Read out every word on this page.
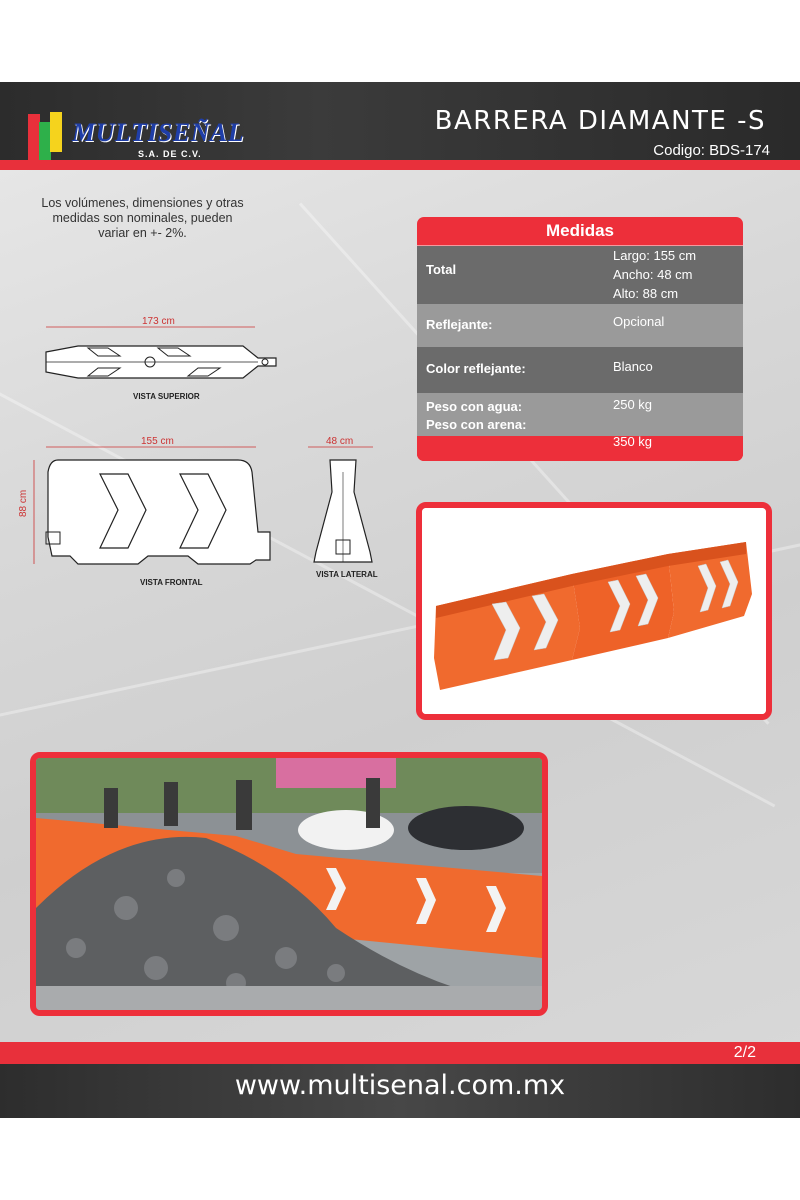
MULTISEÑAL
S.A. DE C.V.
BARRERA DIAMANTE -S
Codigo: BDS-174
Los volúmenes, dimensiones y otras medidas son nominales, pueden variar en +- 2%.
173 cm
VISTA SUPERIOR
155 cm
88 cm
VISTA FRONTAL
48 cm
VISTA LATERAL
Medidas
Total
Largo: 155 cm Ancho: 48 cm Alto: 88 cm
Reflejante:	Opcional
Color reflejante:	Blanco
Peso con agua:
Peso con arena:
250 kg
350 kg
2/2
www.multisenal.com.mx
